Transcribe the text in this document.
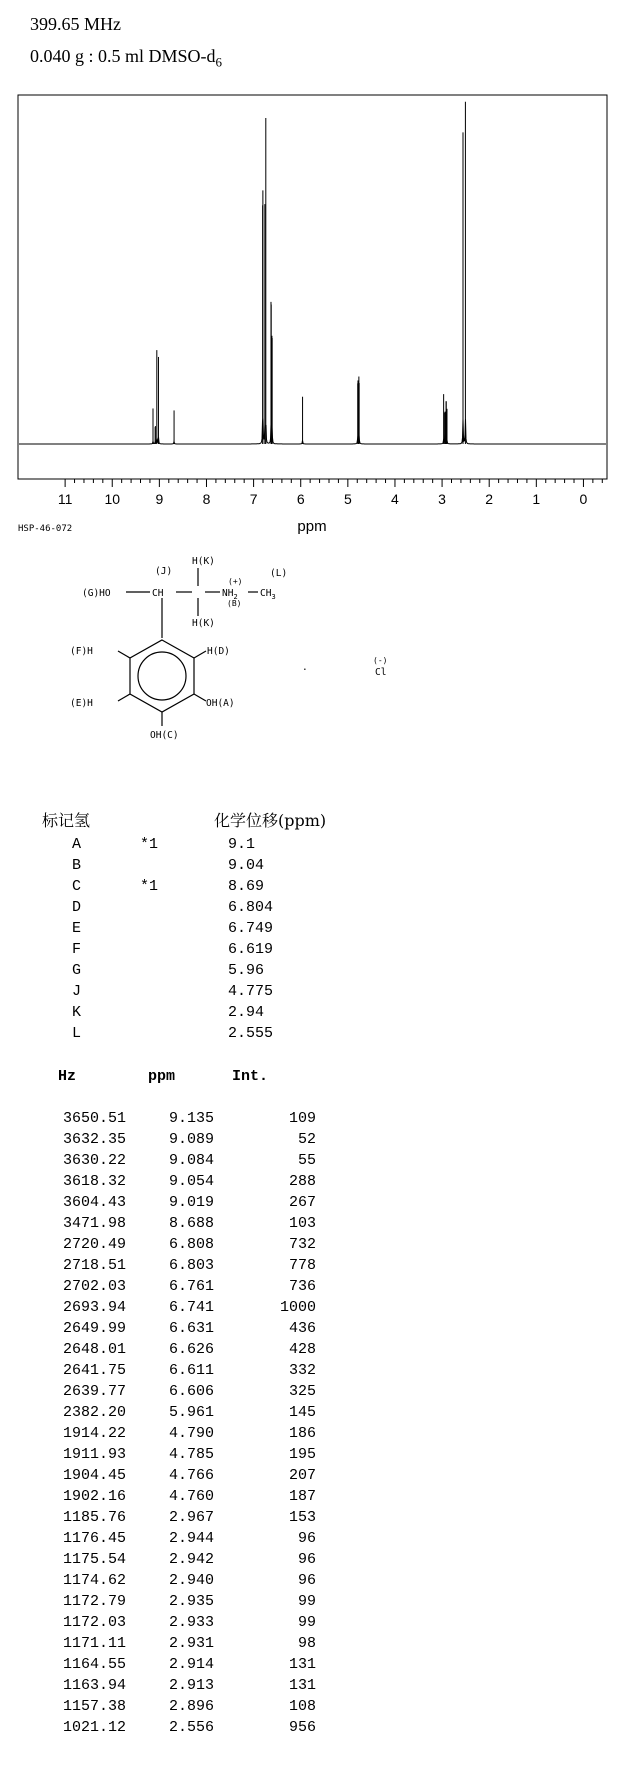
399.65 MHz
0.040 g : 0.5 ml DMSO-$d_6$
11 10	9	8	7	6	5	4	3	2	1	0
ppm
HSP-46-072
(G)HO	CH
(J)
H(K)
H(K)
(+)
$NH_2$
(B)
(L)
$CH_3$
(F)H	H(D)
(E)H	OH(A)
OH(C)
.
(-)
Cl
标记氢	化学位移(ppm)
A	*1	9.1
B	9.04
C	*1	8.69
D	6.804
E	6.749
F	6.619
G	5.96
J	4.775
K	2.94
L	2.555
Hz	ppm	Int.
3650.51	9.135	109
3632.35	9.089	52
3630.22	9.084	55
3618.32	9.054	288
3604.43	9.019	267
3471.98	8.688	103
2720.49	6.808	732
2718.51	6.803	778
2702.03	6.761	736
2693.94	6.741	1000
2649.99	6.631	436
2648.01	6.626	428
2641.75	6.611	332
2639.77	6.606	325
2382.20	5.961	145
1914.22	4.790	186
1911.93	4.785	195
1904.45	4.766	207
1902.16	4.760	187
1185.76	2.967	153
1176.45	2.944	96
1175.54	2.942	96
1174.62	2.940	96
1172.79	2.935	99
1172.03	2.933	99
1171.11	2.931	98
1164.55	2.914	131
1163.94	2.913	131
1157.38	2.896	108
1021.12	2.556	956
